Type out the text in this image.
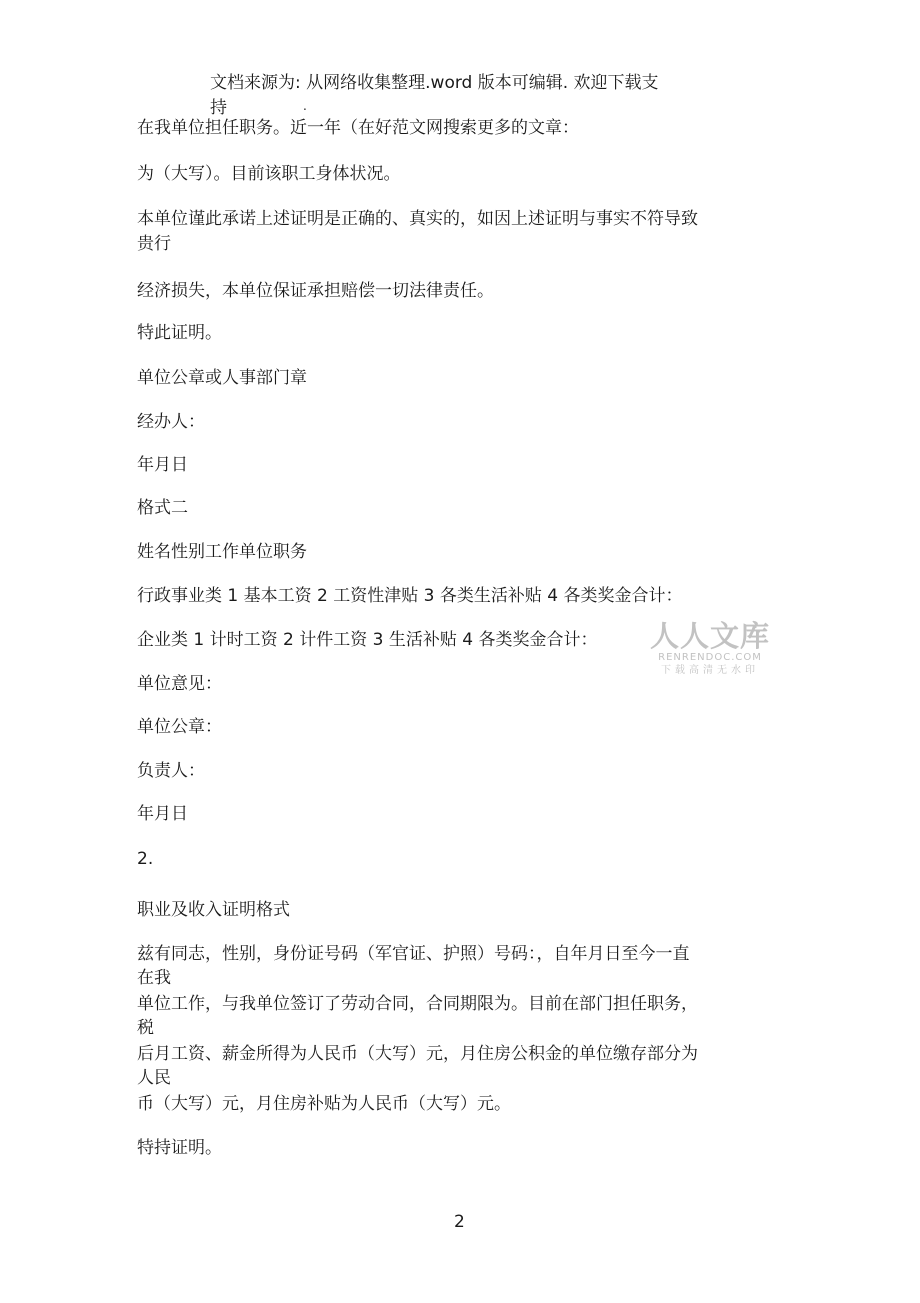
文档来源为: 从网络收集整理.word 版本可编辑. 欢迎下载支
持	.
在我单位担任职务。近一年（在好范文网搜索更多的文章：
为（大写）。目前该职工身体状况。
本单位谨此承诺上述证明是正确的、真实的，如因上述证明与事实不符导致
贵行
经济损失，本单位保证承担赔偿一切法律责任。
特此证明。
单位公章或人事部门章
经办人：
年月日
格式二
姓名性别工作单位职务
行政事业类 1 基本工资 2 工资性津贴 3 各类生活补贴 4 各类奖金合计：
企业类 1 计时工资 2 计件工资 3 生活补贴 4 各类奖金合计：
单位意见：
单位公章：
负责人：
年月日
2.
职业及收入证明格式
兹有同志，性别，身份证号码（军官证、护照）号码：，自年月日至今一直
在我
单位工作，与我单位签订了劳动合同，合同期限为。目前在部门担任职务，
税
后月工资、薪金所得为人民币（大写）元，月住房公积金的单位缴存部分为
人民
币（大写）元，月住房补贴为人民币（大写）元。
特持证明。
人人文库
RENRENDOC.COM
下载高清无水印
2
